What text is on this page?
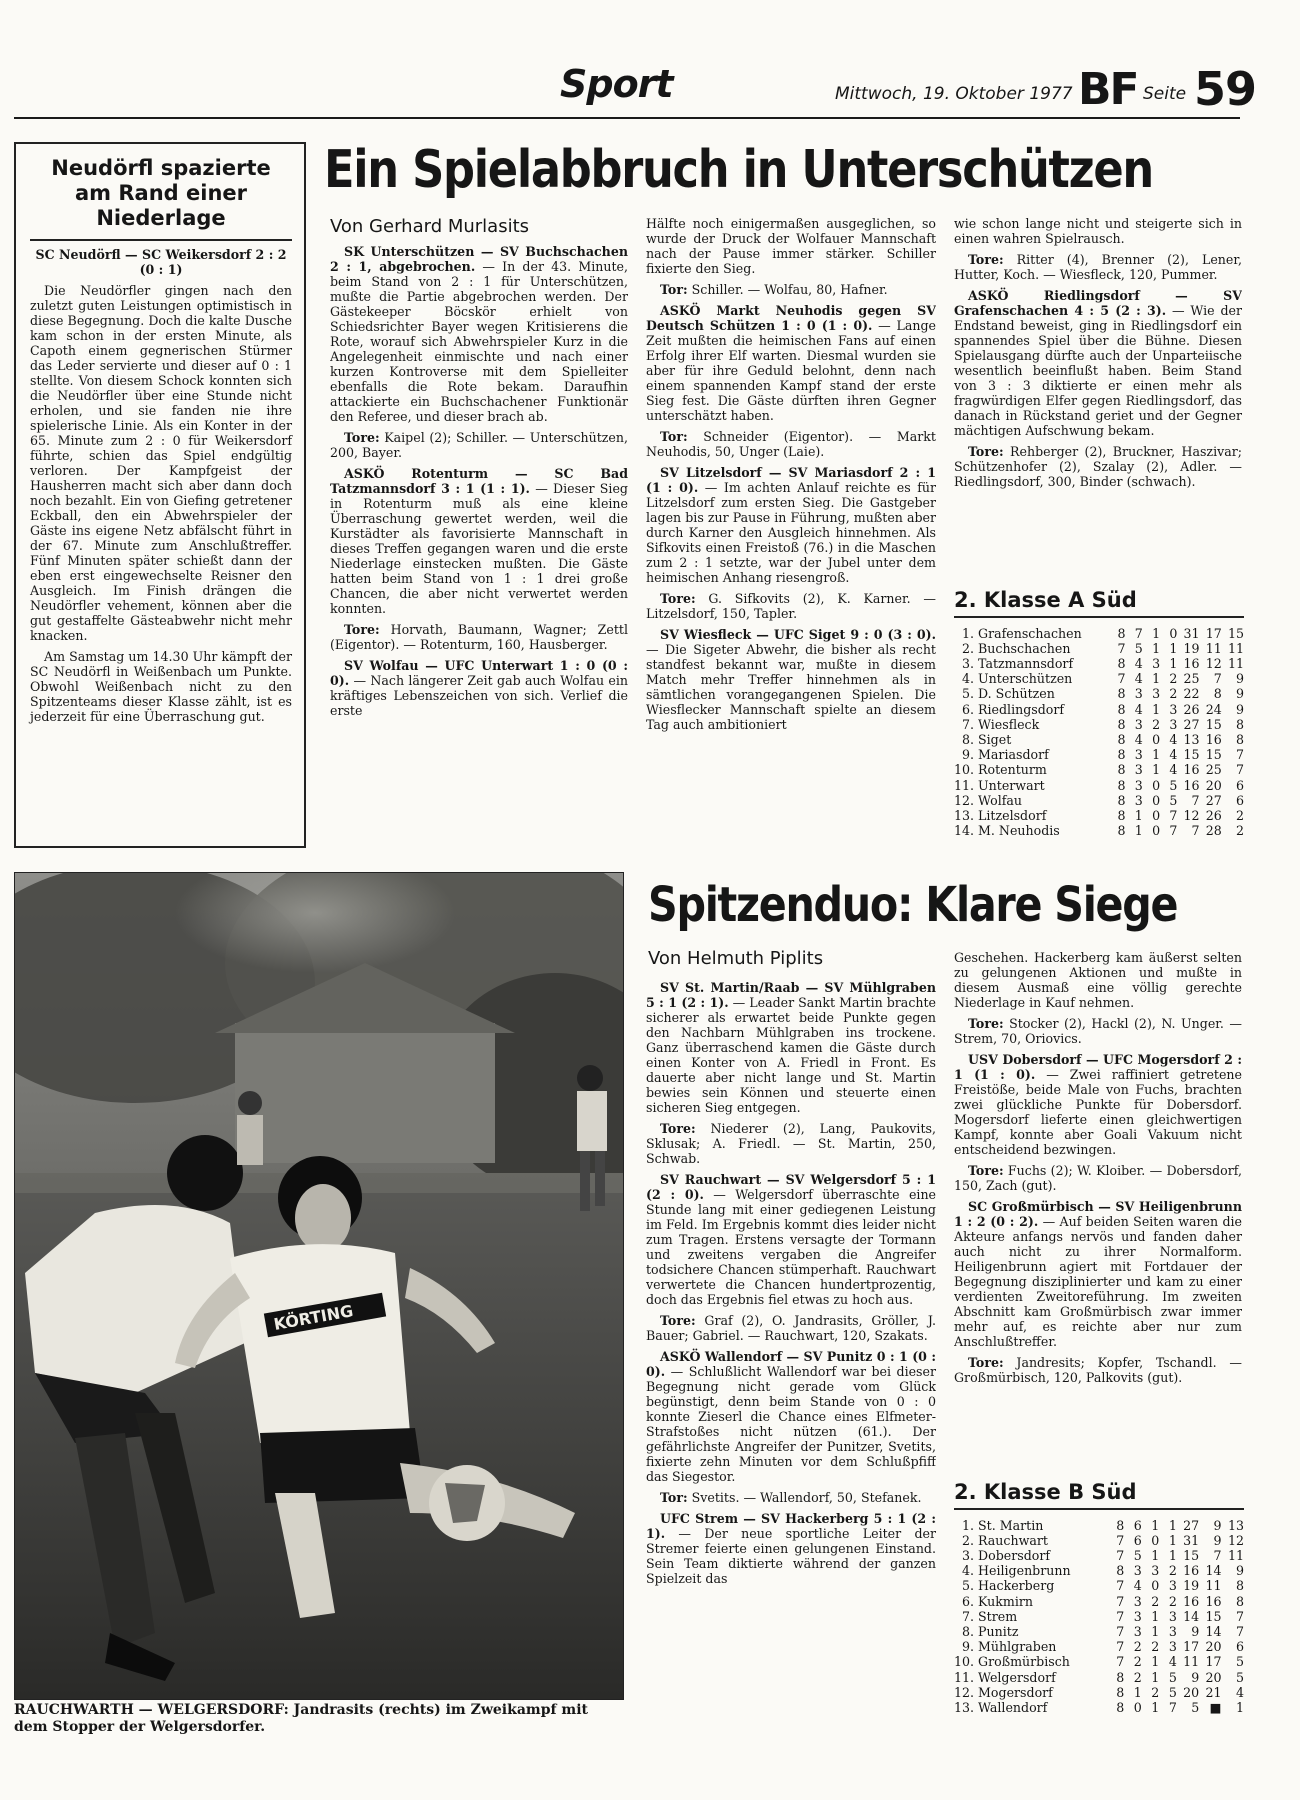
Sport	Mittwoch, 19. Oktober 1977 BF Seite 59
Neudörfl spazierte am Rand einer Niederlage

SC Neudörfl — SC Weikersdorf 2 : 2 (0 : 1)

Die Neudörfler gingen nach den zuletzt guten Leistungen optimistisch in diese Begegnung. Doch die kalte Dusche kam schon in der ersten Minute, als Capoth einem gegnerischen Stürmer das Leder servierte und dieser auf 0 : 1 stellte. Von diesem Schock konnten sich die Neudörfler über eine Stunde nicht erholen, und sie fanden nie ihre spielerische Linie. Als ein Konter in der 65. Minute zum 2 : 0 für Weikersdorf führte, schien das Spiel endgültig verloren. Der Kampfgeist der Hausherren macht sich aber dann doch noch bezahlt. Ein von Giefing getretener Eckball, den ein Abwehrspieler der Gäste ins eigene Netz abfälscht führt in der 67. Minute zum Anschlußtreffer. Fünf Minuten später schießt dann der eben erst eingewechselte Reisner den Ausgleich. Im Finish drängen die Neudörfler vehement, können aber die gut gestaffelte Gästeabwehr nicht mehr knacken.

Am Samstag um 14.30 Uhr kämpft der SC Neudörfl in Weißenbach um Punkte. Obwohl Weißenbach nicht zu den Spitzenteams dieser Klasse zählt, ist es jederzeit für eine Überraschung gut.

Ein Spielabbruch in Unterschützen
Von Gerhard Murlasits

SK Unterschützen — SV Buchschachen 2 : 1, abgebrochen. — In der 43. Minute, beim Stand von 2 : 1 für Unterschützen, mußte die Partie abgebrochen werden. Der Gästekeeper Böcskör erhielt von Schiedsrichter Bayer wegen Kritisierens die Rote, worauf sich Abwehrspieler Kurz in die Angelegenheit einmischte und nach einer kurzen Kontroverse mit dem Spielleiter ebenfalls die Rote bekam. Daraufhin attackierte ein Buchschachener Funktionär den Referee, und dieser brach ab.

Tore: Kaipel (2); Schiller. — Unterschützen, 200, Bayer.

ASKÖ Rotenturm — SC Bad Tatzmannsdorf 3 : 1 (1 : 1). — Dieser Sieg in Rotenturm muß als eine kleine Überraschung gewertet werden, weil die Kurstädter als favorisierte Mannschaft in dieses Treffen gegangen waren und die erste Niederlage einstecken mußten. Die Gäste hatten beim Stand von 1 : 1 drei große Chancen, die aber nicht verwertet werden konnten.

Tore: Horvath, Baumann, Wagner; Zettl (Eigentor). — Rotenturm, 160, Hausberger.

SV Wolfau — UFC Unterwart 1 : 0 (0 : 0). — Nach längerer Zeit gab auch Wolfau ein kräftiges Lebenszeichen von sich. Verlief die erste

Hälfte noch einigermaßen ausgeglichen, so wurde der Druck der Wolfauer Mannschaft nach der Pause immer stärker. Schiller fixierte den Sieg.

Tor: Schiller. — Wolfau, 80, Hafner.

ASKÖ Markt Neuhodis gegen SV Deutsch Schützen 1 : 0 (1 : 0). — Lange Zeit mußten die heimischen Fans auf einen Erfolg ihrer Elf warten. Diesmal wurden sie aber für ihre Geduld belohnt, denn nach einem spannenden Kampf stand der erste Sieg fest. Die Gäste dürften ihren Gegner unterschätzt haben.

Tor: Schneider (Eigentor). — Markt Neuhodis, 50, Unger (Laie).

SV Litzelsdorf — SV Mariasdorf 2 : 1 (1 : 0). — Im achten Anlauf reichte es für Litzelsdorf zum ersten Sieg. Die Gastgeber lagen bis zur Pause in Führung, mußten aber durch Karner den Ausgleich hinnehmen. Als Sifkovits einen Freistoß (76.) in die Maschen zum 2 : 1 setzte, war der Jubel unter dem heimischen Anhang riesengroß.

Tore: G. Sifkovits (2), K. Karner. — Litzelsdorf, 150, Tapler.

SV Wiesfleck — UFC Siget 9 : 0 (3 : 0). — Die Sigeter Abwehr, die bisher als recht standfest bekannt war, mußte in diesem Match mehr Treffer hinnehmen als in sämtlichen vorangegangenen Spielen. Die Wiesflecker Mannschaft spielte an diesem Tag auch ambitioniert

wie schon lange nicht und steigerte sich in einen wahren Spielrausch.

Tore: Ritter (4), Brenner (2), Lener, Hutter, Koch. — Wiesfleck, 120, Pummer.

ASKÖ Riedlingsdorf — SV Grafenschachen 4 : 5 (2 : 3). — Wie der Endstand beweist, ging in Riedlingsdorf ein spannendes Spiel über die Bühne. Diesen Spielausgang dürfte auch der Unparteiische wesentlich beeinflußt haben. Beim Stand von 3 : 3 diktierte er einen mehr als fragwürdigen Elfer gegen Riedlingsdorf, das danach in Rückstand geriet und der Gegner mächtigen Aufschwung bekam.

Tore: Rehberger (2), Bruckner, Haszivar; Schützenhofer (2), Szalay (2), Adler. — Riedlingsdorf, 300, Binder (schwach).

2. Klasse A Süd
1.	Grafenschachen	8	7	1	0	31	17	15
2.	Buchschachen	7	5	1	1	19	11	11
3.	Tatzmannsdorf	8	4	3	1	16	12	11
4.	Unterschützen	7	4	1	2	25	7	9
5.	D. Schützen	8	3	3	2	22	8	9
6.	Riedlingsdorf	8	4	1	3	26	24	9
7.	Wiesfleck	8	3	2	3	27	15	8
8.	Siget	8	4	0	4	13	16	8
9.	Mariasdorf	8	3	1	4	15	15	7
10.	Rotenturm	8	3	1	4	16	25	7
11.	Unterwart	8	3	0	5	16	20	6
12.	Wolfau	8	3	0	5	7	27	6
13.	Litzelsdorf	8	1	0	7	12	26	2
14.	M. Neuhodis	8	1	0	7	7	28	2
KÖRTING
RAUCHWARTH — WELGERSDORF: Jandrasits (rechts) im Zweikampf mit dem Stopper der Welgersdorfer.
Spitzenduo: Klare Siege
Von Helmuth Piplits

SV St. Martin/Raab — SV Mühlgraben 5 : 1 (2 : 1). — Leader Sankt Martin brachte sicherer als erwartet beide Punkte gegen den Nachbarn Mühlgraben ins trockene. Ganz überraschend kamen die Gäste durch einen Konter von A. Friedl in Front. Es dauerte aber nicht lange und St. Martin bewies sein Können und steuerte einen sicheren Sieg entgegen.

Tore: Niederer (2), Lang, Paukovits, Sklusak; A. Friedl. — St. Martin, 250, Schwab.

SV Rauchwart — SV Welgersdorf 5 : 1 (2 : 0). — Welgersdorf überraschte eine Stunde lang mit einer gediegenen Leistung im Feld. Im Ergebnis kommt dies leider nicht zum Tragen. Erstens versagte der Tormann und zweitens vergaben die Angreifer todsichere Chancen stümperhaft. Rauchwart verwertete die Chancen hundertprozentig, doch das Ergebnis fiel etwas zu hoch aus.

Tore: Graf (2), O. Jandrasits, Gröller, J. Bauer; Gabriel. — Rauchwart, 120, Szakats.

ASKÖ Wallendorf — SV Punitz 0 : 1 (0 : 0). — Schlußlicht Wallendorf war bei dieser Begegnung nicht gerade vom Glück begünstigt, denn beim Stande von 0 : 0 konnte Zieserl die Chance eines Elfmeter-Strafstoßes nicht nützen (61.). Der gefährlichste Angreifer der Punitzer, Svetits, fixierte zehn Minuten vor dem Schlußpfiff das Siegestor.

Tor: Svetits. — Wallendorf, 50, Stefanek.

UFC Strem — SV Hackerberg 5 : 1 (2 : 1). — Der neue sportliche Leiter der Stremer feierte einen gelungenen Einstand. Sein Team diktierte während der ganzen Spielzeit das

Geschehen. Hackerberg kam äußerst selten zu gelungenen Aktionen und mußte in diesem Ausmaß eine völlig gerechte Niederlage in Kauf nehmen.

Tore: Stocker (2), Hackl (2), N. Unger. — Strem, 70, Oriovics.

USV Dobersdorf — UFC Mogersdorf 2 : 1 (1 : 0). — Zwei raffiniert getretene Freistöße, beide Male von Fuchs, brachten zwei glückliche Punkte für Dobersdorf. Mogersdorf lieferte einen gleichwertigen Kampf, konnte aber Goali Vakuum nicht entscheidend bezwingen.

Tore: Fuchs (2); W. Kloiber. — Dobersdorf, 150, Zach (gut).

SC Großmürbisch — SV Heiligenbrunn 1 : 2 (0 : 2). — Auf beiden Seiten waren die Akteure anfangs nervös und fanden daher auch nicht zu ihrer Normalform. Heiligenbrunn agiert mit Fortdauer der Begegnung disziplinierter und kam zu einer verdienten Zweitoreführung. Im zweiten Abschnitt kam Großmürbisch zwar immer mehr auf, es reichte aber nur zum Anschlußtreffer.

Tore: Jandresits; Kopfer, Tschandl. — Großmürbisch, 120, Palkovits (gut).

2. Klasse B Süd
1.	St. Martin	8	6	1	1	27	9	13
2.	Rauchwart	7	6	0	1	31	9	12
3.	Dobersdorf	7	5	1	1	15	7	11
4.	Heiligenbrunn	8	3	3	2	16	14	9
5.	Hackerberg	7	4	0	3	19	11	8
6.	Kukmirn	7	3	2	2	16	16	8
7.	Strem	7	3	1	3	14	15	7
8.	Punitz	7	3	1	3	9	14	7
9.	Mühlgraben	7	2	2	3	17	20	6
10.	Großmürbisch	7	2	1	4	11	17	5
11.	Welgersdorf	8	2	1	5	9	20	5
12.	Mogersdorf	8	1	2	5	20	21	4
13.	Wallendorf	8	0	1	7	5	■	1
